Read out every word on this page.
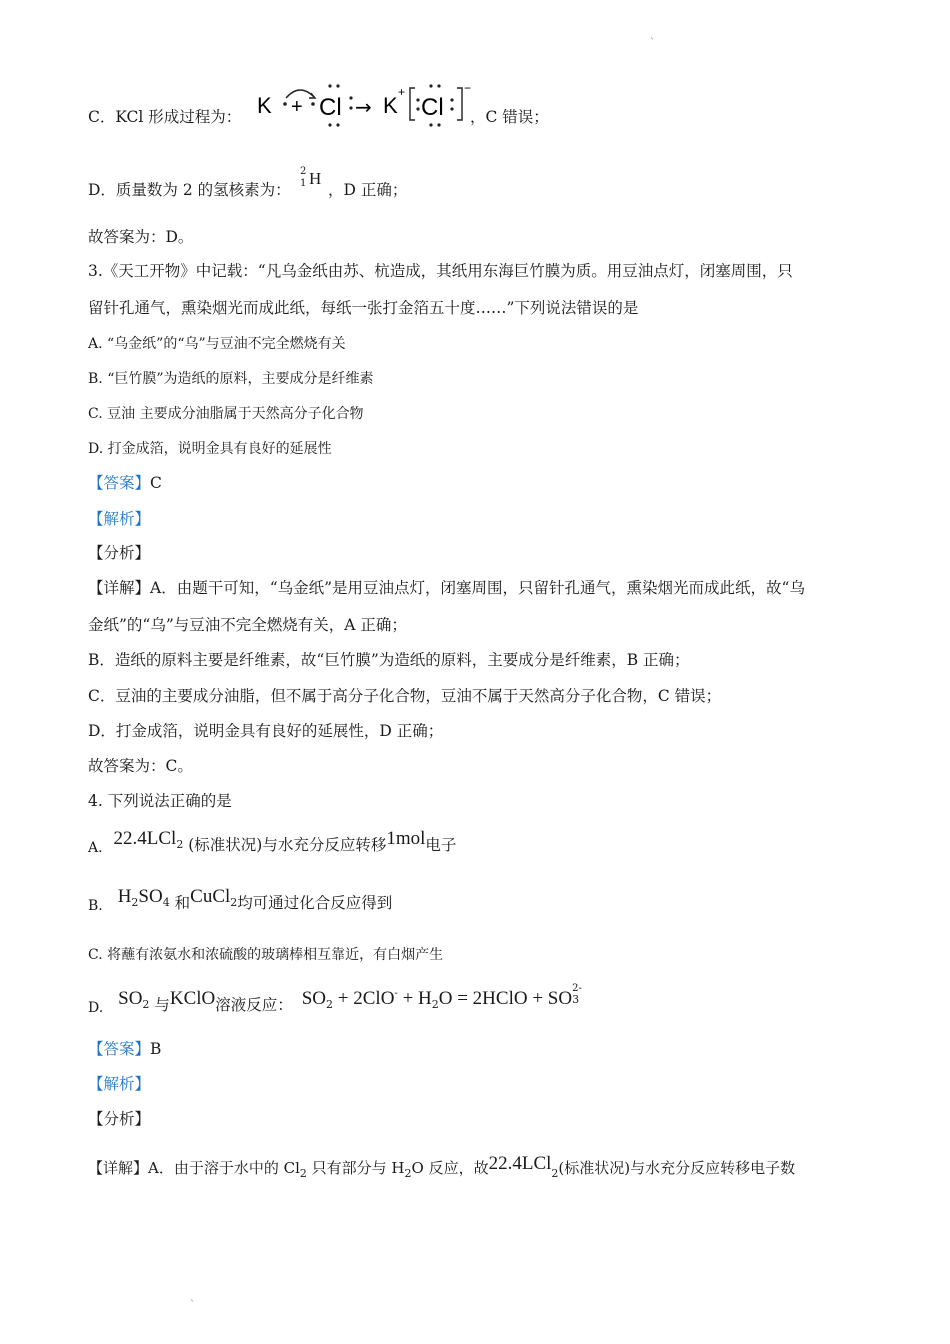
`
C．KCl 形成过程为： K + Cl → K
+
Cl
−
，C 错误；
D．质量数为 2 的氢核素为：
2
1 H
，D 正确；
故答案为：D。
3.《天工开物》中记载：“凡乌金纸由苏、杭造成，其纸用东海巨竹膜为质。用豆油点灯，闭塞周围，只
留针孔通气，熏染烟光而成此纸，每纸一张打金箔五十度……”下列说法错误的是
A. “乌金纸”的“乌”与豆油不完全燃烧有关
B. “巨竹膜”为造纸的原料，主要成分是纤维素
C. 豆油 主要成分油脂属于天然高分子化合物
D. 打金成箔，说明金具有良好的延展性
【答案】C
【解析】
【分析】
【详解】A．由题干可知，“乌金纸”是用豆油点灯，闭塞周围，只留针孔通气，熏染烟光而成此纸，故“乌
金纸”的“乌”与豆油不完全燃烧有关，A 正确；
B．造纸的原料主要是纤维素，故“巨竹膜”为造纸的原料，主要成分是纤维素，B 正确；
C．豆油的主要成分油脂，但不属于高分子化合物，豆油不属于天然高分子化合物，C 错误；
D．打金成箔，说明金具有良好的延展性，D 正确；
故答案为：C。
4. 下列说法正确的是
A. 22.4LCl$_2$ (标准状况)与水充分反应转移1mol电子
B. $H_2SO_4$ 和CuCl$_2$均可通过化合反应得到
C. 将蘸有浓氨水和浓硫酸的玻璃棒相互靠近，有白烟产生
D. $SO_2$ 与KClO溶液反应： $SO_2 + 2ClO^- + H_2O$ = 2HClO + SO 2-
3
【答案】B
【解析】
【分析】
【详解】A．由于溶于水中的 $Cl_2$ 只有部分与 $H_2O$ 反应，故22.4LCl$_2$(标准状况)与水充分反应转移电子数
`
